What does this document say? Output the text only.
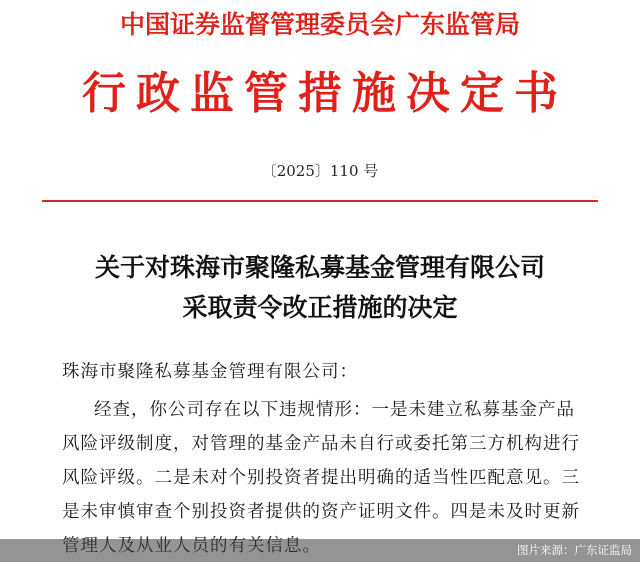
中国证券监督管理委员会广东监管局
行政监管措施决定书
〔2025〕110 号
关于对珠海市聚隆私募基金管理有限公司
采取责令改正措施的决定
珠海市聚隆私募基金管理有限公司：
经查，你公司存在以下违规情形：一是未建立私募基金产品
风险评级制度，对管理的基金产品未自行或委托第三方机构进行
风险评级。二是未对个别投资者提出明确的适当性匹配意见。三
是未审慎审查个别投资者提供的资产证明文件。四是未及时更新
图片来源：广东证监局
